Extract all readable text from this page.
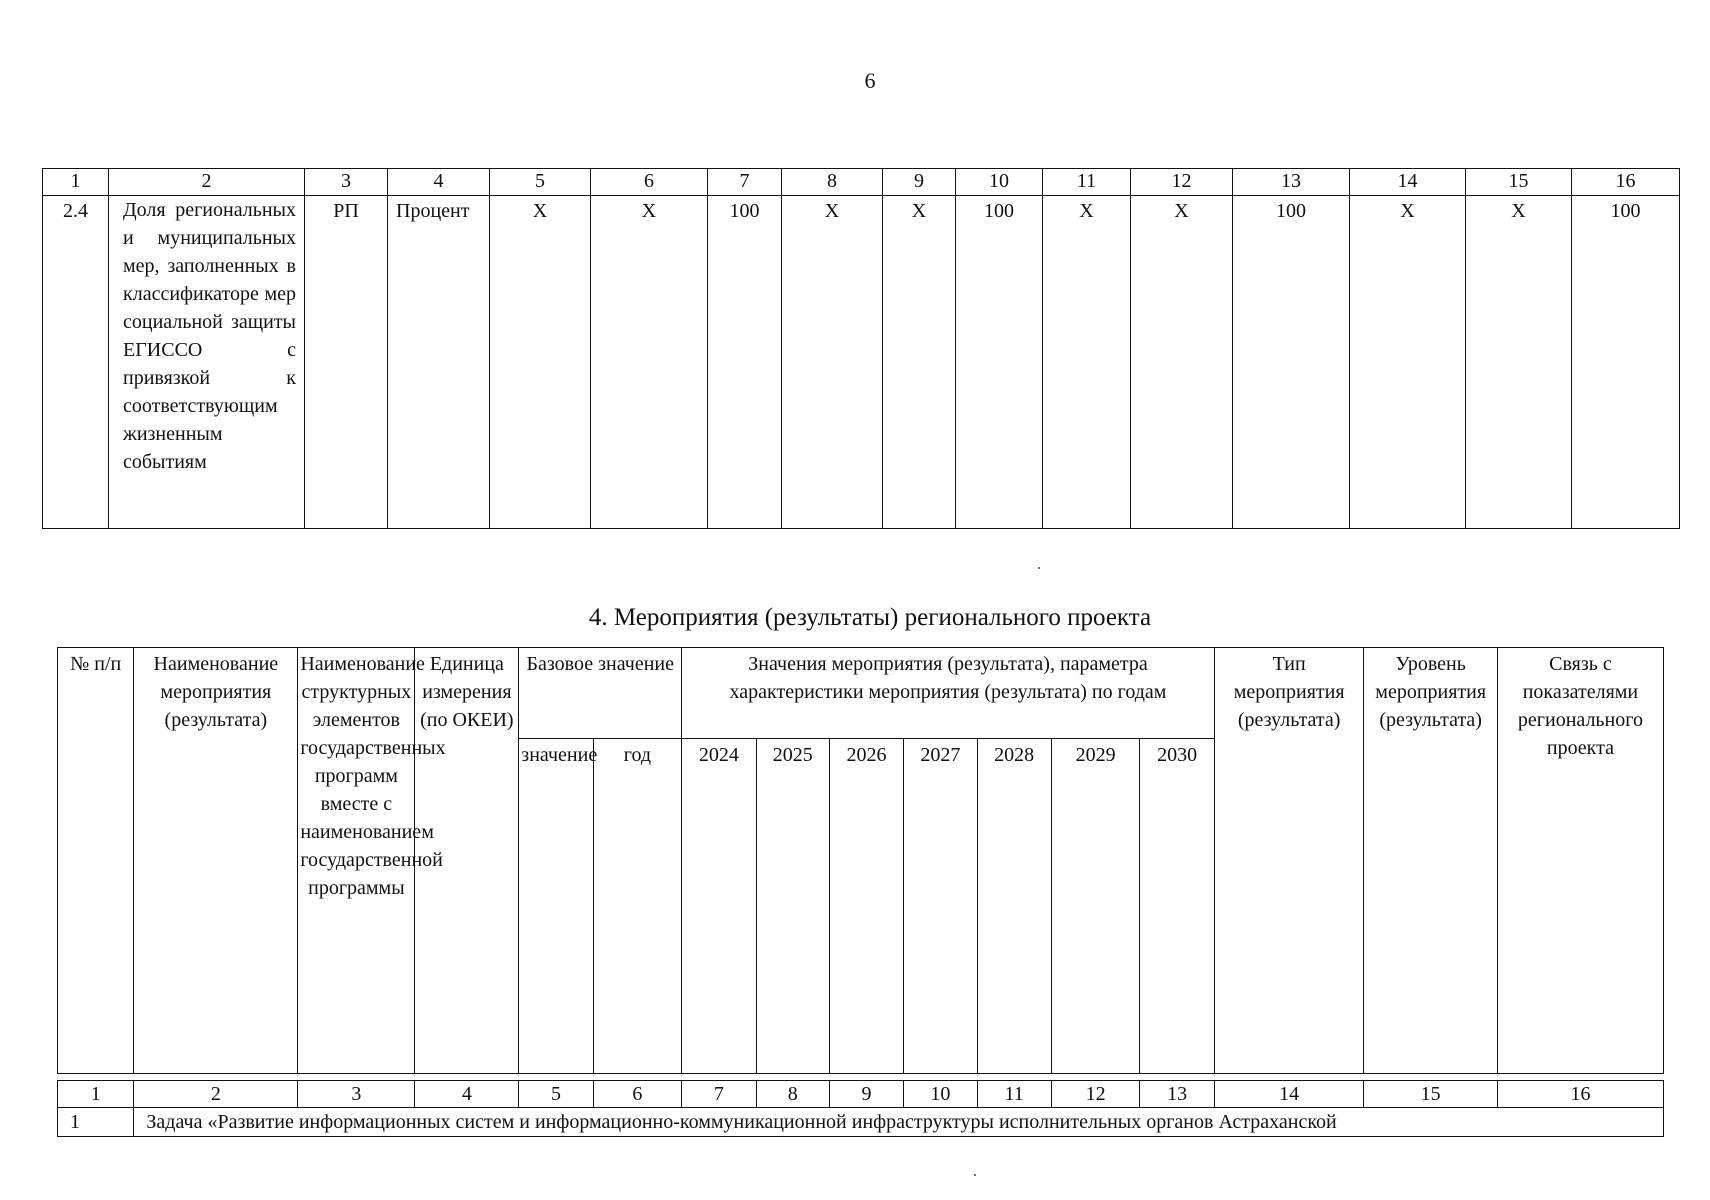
6
1	2	3	4	5	6	7	8	9	10	11	12	13	14	15	16
2.4	Доля региональных и муниципальных мер, заполненных в классификаторе мер социальной защиты ЕГИССО с привязкой к соответствующим жизненным событиям	РП	Процент	X	X	100	X	X	100	X	X	100	X	X	100
4. Мероприятия (результаты) регионального проекта
№ п/п	Наименование мероприятия (результата)	Наименование структурных элементов государственных программ вместе с наименованием государственной программы	Единица измерения (по ОКЕИ)	Базовое значение		Значения мероприятия (результата), параметра характеристики мероприятия (результата) по годам							Тип мероприятия (результата)	Уровень мероприятия (результата)	Связь с показателями регионального проекта
				значение	год	2024	2025	2026	2027	2028	2029	2030			

1	2	3	4	5	6	7	8	9	10	11	12	13	14	15	16
1	Задача «Развитие информационных систем и информационно-коммуникационной инфраструктуры исполнительных органов Астраханской														
